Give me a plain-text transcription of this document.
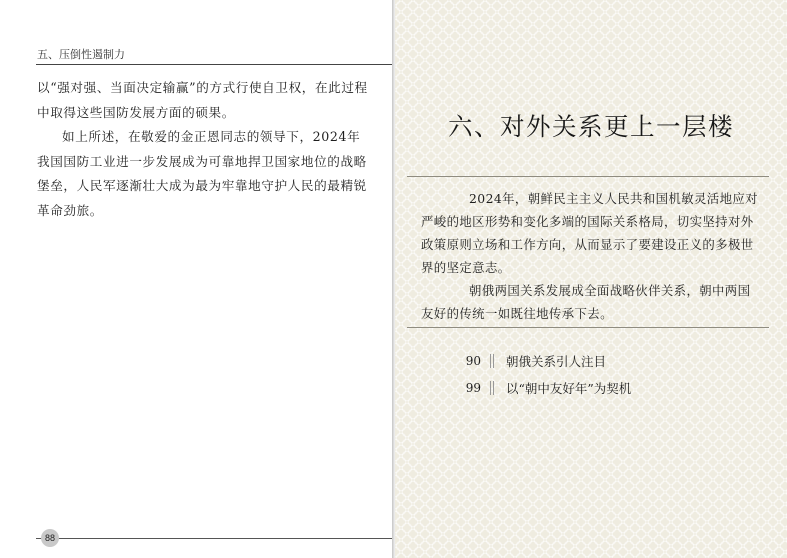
五、压倒性遏制力

以“强对强、当面决定输赢”的方式行使自卫权，在此过程中取得这些国防发展方面的硕果。

如上所述，在敬爱的金正恩同志的领导下，2024年我国国防工业进一步发展成为可靠地捍卫国家地位的战略堡垒，人民军逐渐壮大成为最为牢靠地守护人民的最精锐革命劲旅。

88
六、对外关系更上一层楼

2024年，朝鲜民主主义人民共和国机敏灵活地应对严峻的地区形势和变化多端的国际关系格局，切实坚持对外政策原则立场和工作方向，从而显示了要建设正义的多极世界的坚定意志。

朝俄两国关系发展成全面战略伙伴关系，朝中两国友好的传统一如既往地传承下去。

90	朝俄关系引人注目
99	以“朝中友好年”为契机
